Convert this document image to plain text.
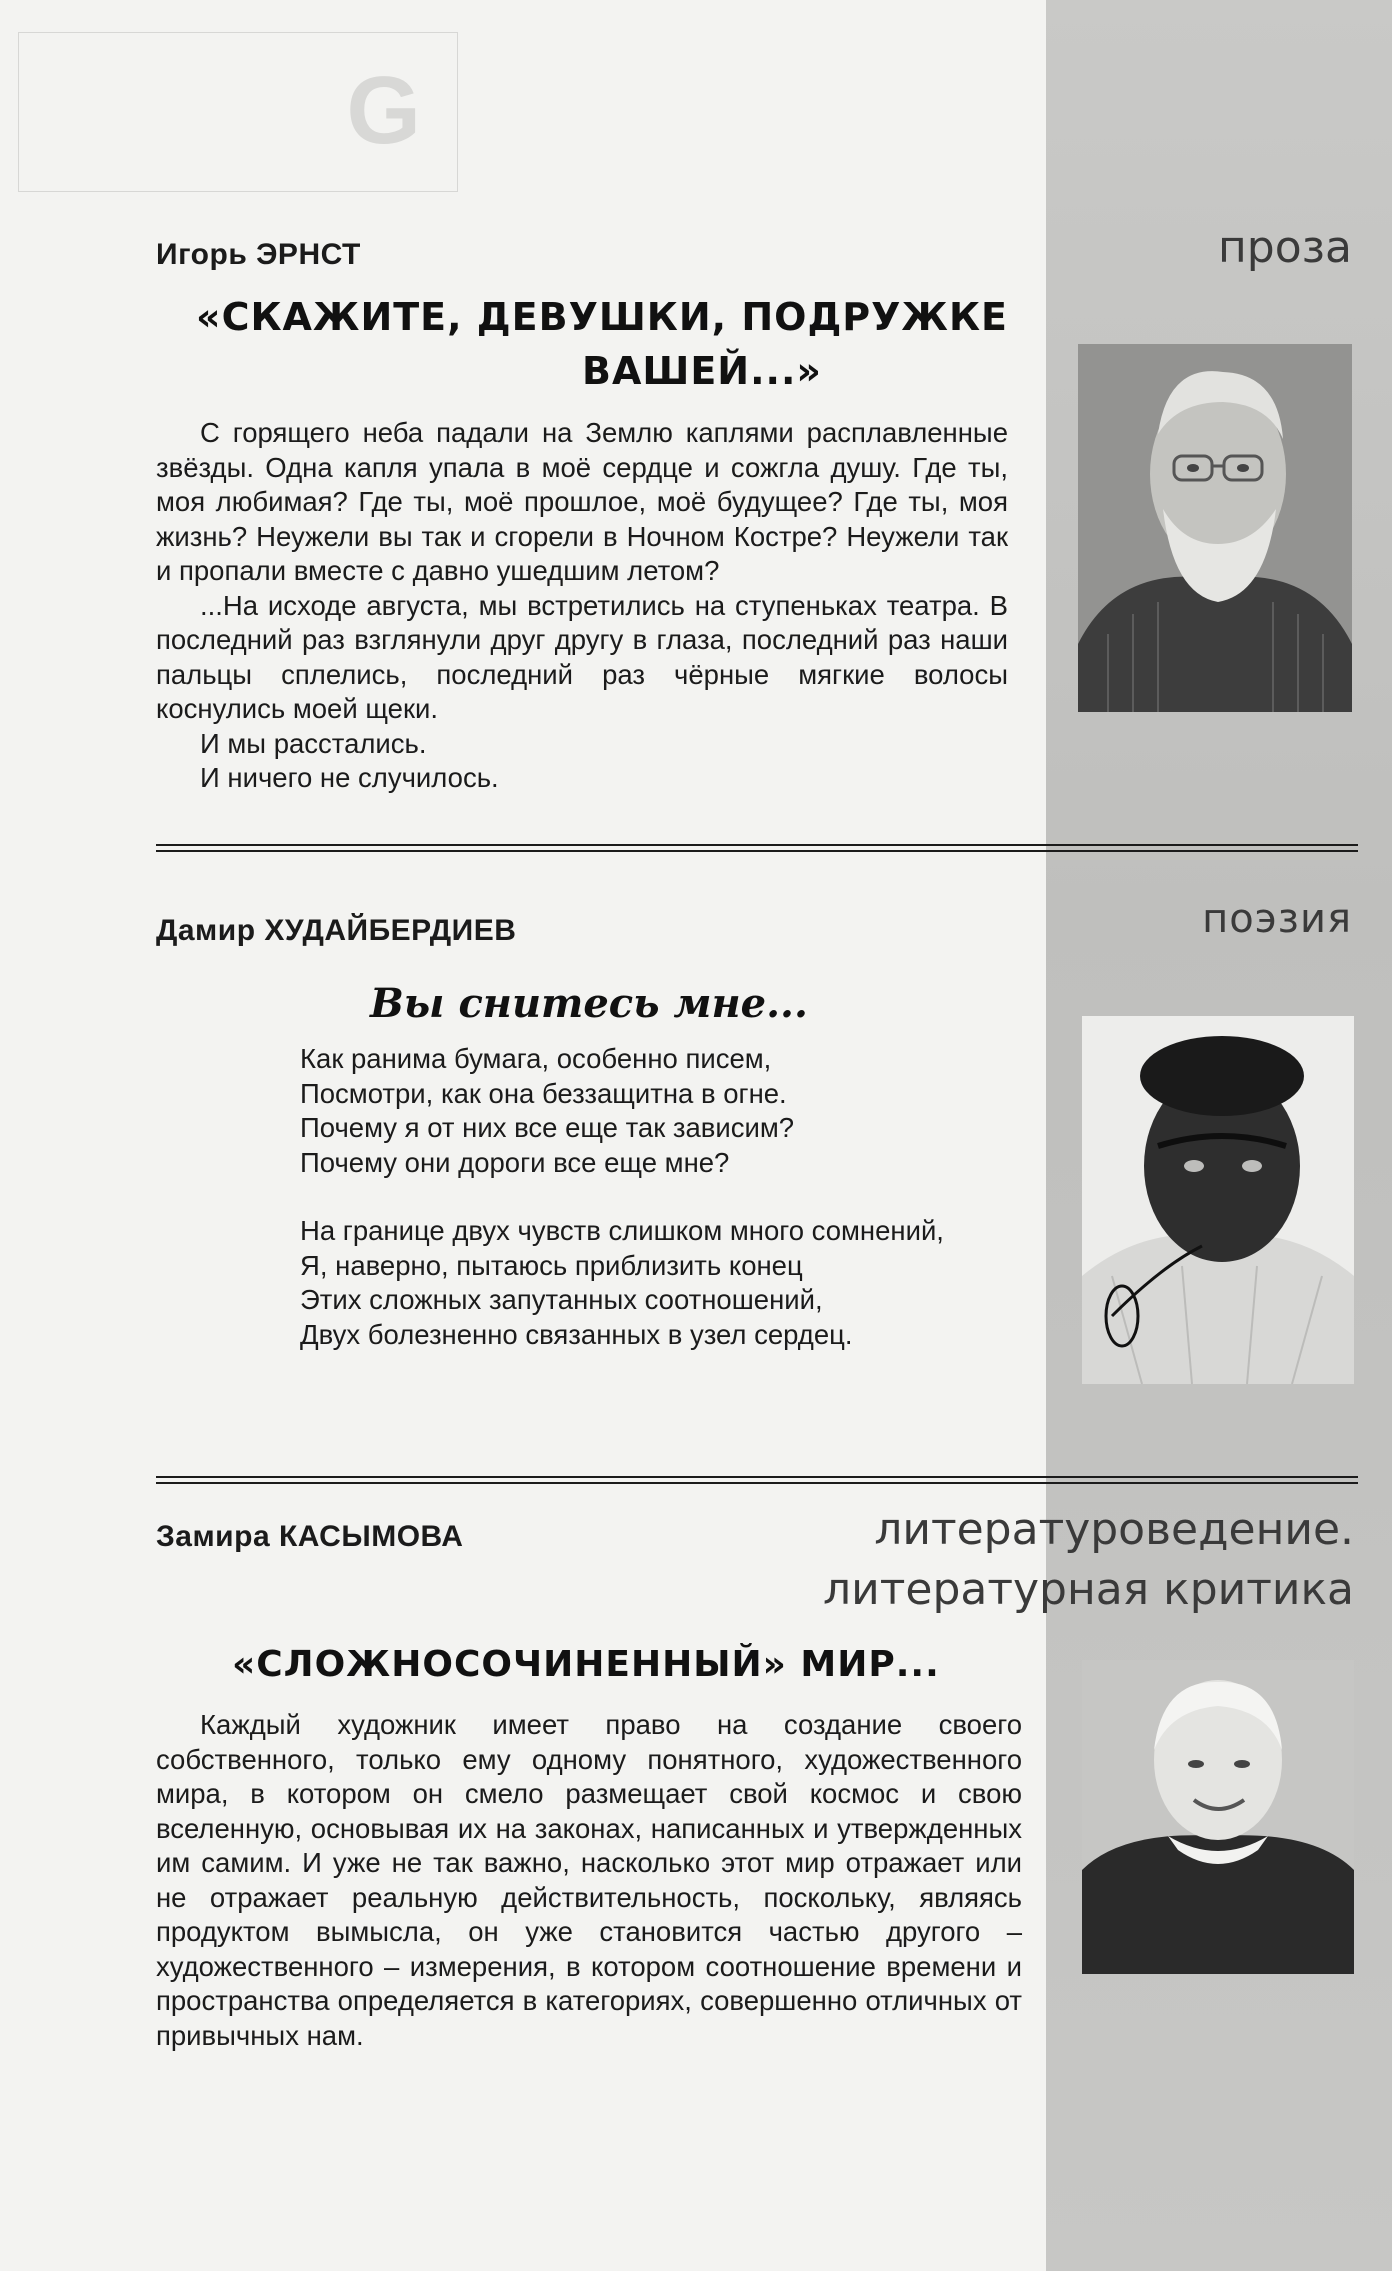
G
Игорь ЭРНСТ	проза
«СКАЖИТЕ, ДЕВУШКИ, ПОДРУЖКЕ
ВАШЕЙ...»

С горящего неба падали на Землю каплями расплавленные звёзды. Одна капля упала в моё сердце и сожгла душу. Где ты, моя любимая? Где ты, моё прошлое, моё будущее? Где ты, моя жизнь? Неужели вы так и сгорели в Ночном Костре? Неужели так и пропали вместе с давно ушедшим летом?

...На исходе августа, мы встретились на ступеньках театра. В последний раз взглянули друг другу в глаза, последний раз наши пальцы сплелись, последний раз чёрные мягкие волосы коснулись моей щеки.

И мы расстались.

И ничего не случилось.

Дамир ХУДАЙБЕРДИЕВ	поэзия
Вы снитесь мне...
Как ранима бумага, особенно писем,
Посмотри, как она беззащитна в огне.
Почему я от них все еще так зависим?
Почему они дороги все еще мне?
На границе двух чувств слишком много сомнений,
Я, наверно, пытаюсь приблизить конец
Этих сложных запутанных соотношений,
Двух болезненно связанных в узел сердец.
Замира КАСЫМОВА	литературоведение.
литературная критика
«СЛОЖНОСОЧИНЕННЫЙ» МИР...

Каждый художник имеет право на создание своего собственного, только ему одному понятного, художественного мира, в котором он смело размещает свой космос и свою вселенную, основывая их на законах, написанных и утвержденных им самим. И уже не так важно, насколько этот мир отражает или не отражает реальную действительность, поскольку, являясь продуктом вымысла, он уже становится частью другого – художественного – измерения, в котором соотношение времени и пространства определяется в категориях, совершенно отличных от привычных нам.
